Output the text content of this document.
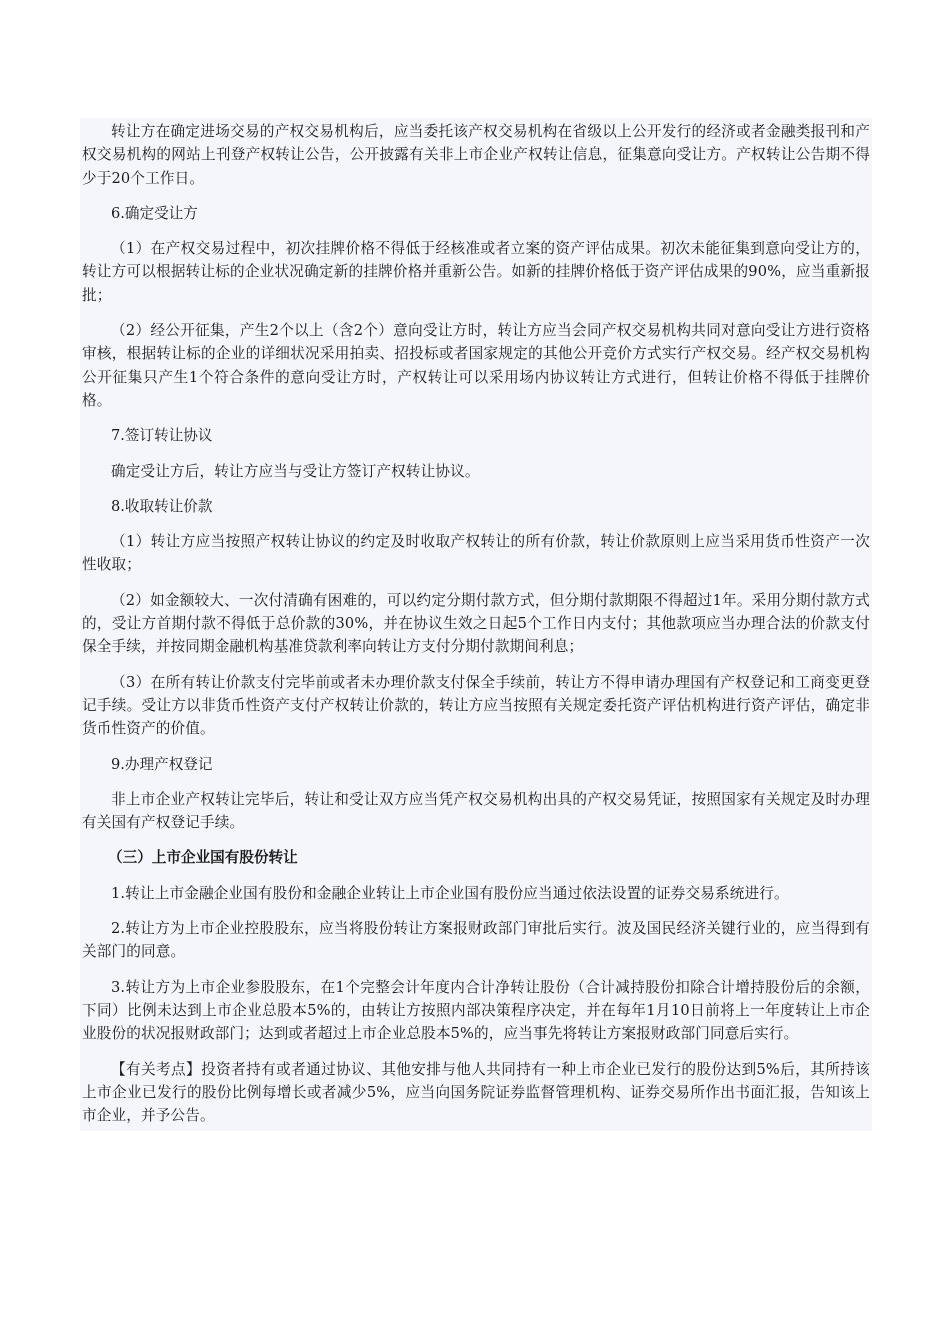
转让方在确定进场交易的产权交易机构后，应当委托该产权交易机构在省级以上公开发行的经济或者金融类报刊和产权交易机构的网站上刊登产权转让公告，公开披露有关非上市企业产权转让信息，征集意向受让方。产权转让公告期不得少于20个工作日。

6.确定受让方

（1）在产权交易过程中，初次挂牌价格不得低于经核准或者立案的资产评估成果。初次未能征集到意向受让方的，转让方可以根据转让标的企业状况确定新的挂牌价格并重新公告。如新的挂牌价格低于资产评估成果的90%，应当重新报批；

（2）经公开征集，产生2个以上（含2个）意向受让方时，转让方应当会同产权交易机构共同对意向受让方进行资格审核，根据转让标的企业的详细状况采用拍卖、招投标或者国家规定的其他公开竞价方式实行产权交易。经产权交易机构公开征集只产生1个符合条件的意向受让方时，产权转让可以采用场内协议转让方式进行，但转让价格不得低于挂牌价格。

7.签订转让协议

确定受让方后，转让方应当与受让方签订产权转让协议。

8.收取转让价款

（1）转让方应当按照产权转让协议的约定及时收取产权转让的所有价款，转让价款原则上应当采用货币性资产一次性收取；

（2）如金额较大、一次付清确有困难的，可以约定分期付款方式，但分期付款期限不得超过1年。采用分期付款方式的，受让方首期付款不得低于总价款的30%，并在协议生效之日起5个工作日内支付；其他款项应当办理合法的价款支付保全手续，并按同期金融机构基准贷款利率向转让方支付分期付款期间利息；

（3）在所有转让价款支付完毕前或者未办理价款支付保全手续前，转让方不得申请办理国有产权登记和工商变更登记手续。受让方以非货币性资产支付产权转让价款的，转让方应当按照有关规定委托资产评估机构进行资产评估，确定非货币性资产的价值。

9.办理产权登记

非上市企业产权转让完毕后，转让和受让双方应当凭产权交易机构出具的产权交易凭证，按照国家有关规定及时办理有关国有产权登记手续。

（三）上市企业国有股份转让

1.转让上市金融企业国有股份和金融企业转让上市企业国有股份应当通过依法设置的证券交易系统进行。

2.转让方为上市企业控股股东，应当将股份转让方案报财政部门审批后实行。波及国民经济关键行业的，应当得到有关部门的同意。

3.转让方为上市企业参股股东，在1个完整会计年度内合计净转让股份（合计减持股份扣除合计增持股份后的余额，下同）比例未达到上市企业总股本5%的，由转让方按照内部决策程序决定，并在每年1月10日前将上一年度转让上市企业股份的状况报财政部门；达到或者超过上市企业总股本5%的，应当事先将转让方案报财政部门同意后实行。

【有关考点】投资者持有或者通过协议、其他安排与他人共同持有一种上市企业已发行的股份达到5%后，其所持该上市企业已发行的股份比例每增长或者减少5%，应当向国务院证券监督管理机构、证券交易所作出书面汇报，告知该上市企业，并予公告。
